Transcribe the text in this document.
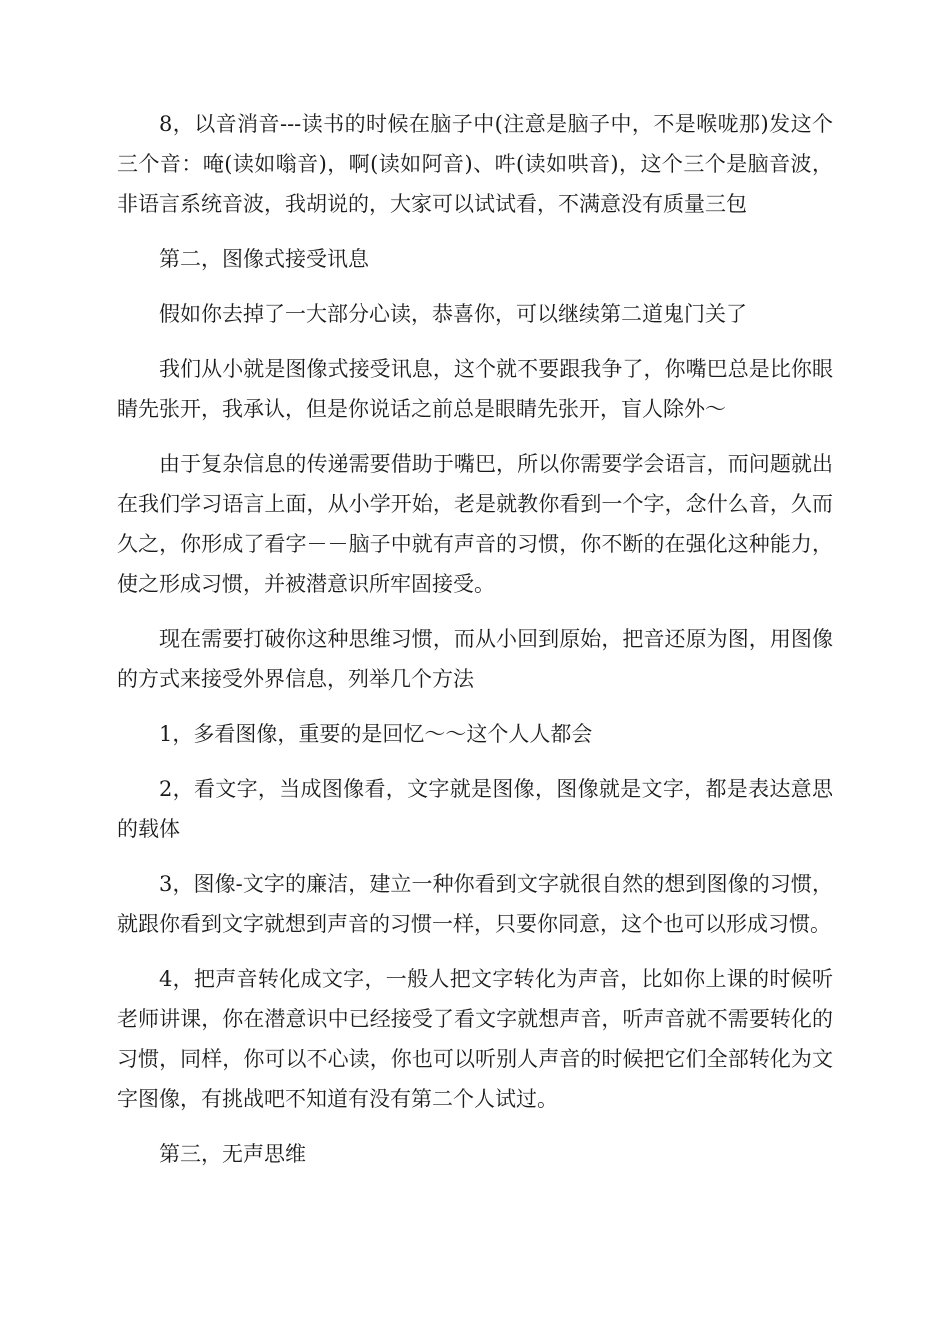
8，以音消音---读书的时候在脑子中(注意是脑子中，不是喉咙那)发这个三个音：唵(读如嗡音)，啊(读如阿音)、吽(读如哄音)，这个三个是脑音波，非语言系统音波，我胡说的，大家可以试试看，不满意没有质量三包

第二，图像式接受讯息

假如你去掉了一大部分心读，恭喜你，可以继续第二道鬼门关了

我们从小就是图像式接受讯息，这个就不要跟我争了，你嘴巴总是比你眼睛先张开，我承认，但是你说话之前总是眼睛先张开，盲人除外～

由于复杂信息的传递需要借助于嘴巴，所以你需要学会语言，而问题就出在我们学习语言上面，从小学开始，老是就教你看到一个字，念什么音，久而久之，你形成了看字－－脑子中就有声音的习惯，你不断的在强化这种能力，使之形成习惯，并被潜意识所牢固接受。

现在需要打破你这种思维习惯，而从小回到原始，把音还原为图，用图像的方式来接受外界信息，列举几个方法

1，多看图像，重要的是回忆～～这个人人都会

2，看文字，当成图像看，文字就是图像，图像就是文字，都是表达意思的载体

3，图像-文字的廉洁，建立一种你看到文字就很自然的想到图像的习惯，就跟你看到文字就想到声音的习惯一样，只要你同意，这个也可以形成习惯。

4，把声音转化成文字，一般人把文字转化为声音，比如你上课的时候听老师讲课，你在潜意识中已经接受了看文字就想声音，听声音就不需要转化的习惯，同样，你可以不心读，你也可以听别人声音的时候把它们全部转化为文字图像，有挑战吧不知道有没有第二个人试过。

第三，无声思维
